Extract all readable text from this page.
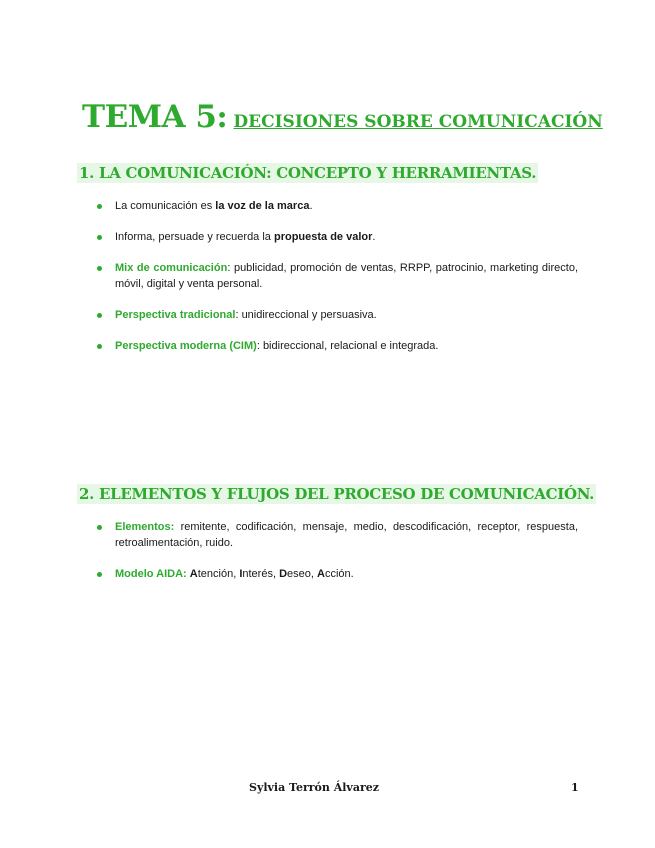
TEMA 5: DECISIONES SOBRE COMUNICACIÓN
1. LA COMUNICACIÓN: CONCEPTO Y HERRAMIENTAS.
La comunicación es la voz de la marca.
Informa, persuade y recuerda la propuesta de valor.
Mix de comunicación: publicidad, promoción de ventas, RRPP, patrocinio, marketing directo, móvil, digital y venta personal.
Perspectiva tradicional: unidireccional y persuasiva.
Perspectiva moderna (CIM): bidireccional, relacional e integrada.
2. ELEMENTOS Y FLUJOS DEL PROCESO DE COMUNICACIÓN.
Elementos: remitente, codificación, mensaje, medio, descodificación, receptor, respuesta, retroalimentación, ruido.
Modelo AIDA: Atención, Interés, Deseo, Acción.
Sylvia Terrón Álvarez	1
